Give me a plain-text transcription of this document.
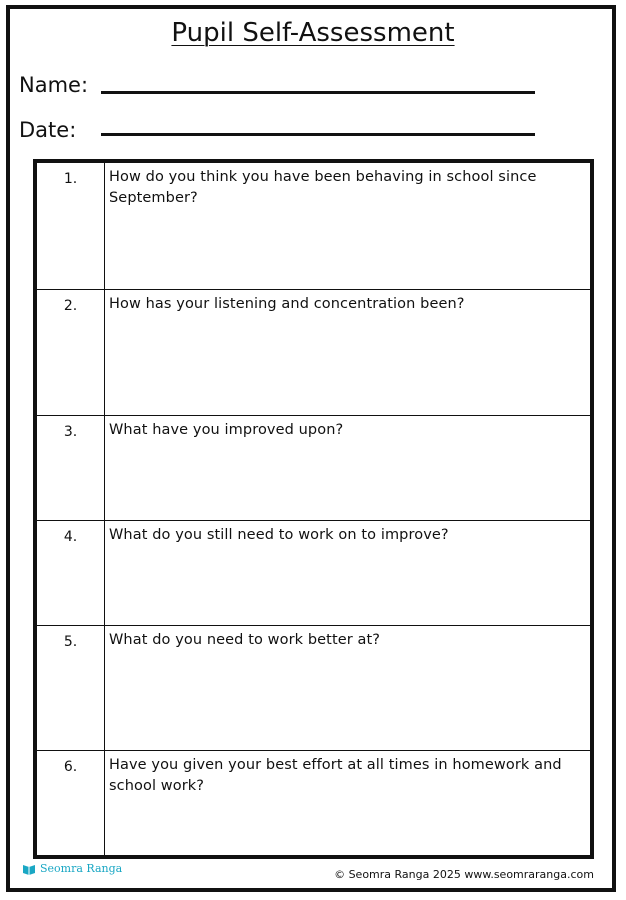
Pupil Self-Assessment
Name:
Date:
1.	How do you think you have been behaving in school since September?
2.	How has your listening and concentration been?
3.	What have you improved upon?
4.	What do you still need to work on to improve?
5.	What do you need to work better at?
6.	Have you given your best effort at all times in homework and school work?
Seomra Ranga	© Seomra Ranga 2025 www.seomraranga.com
